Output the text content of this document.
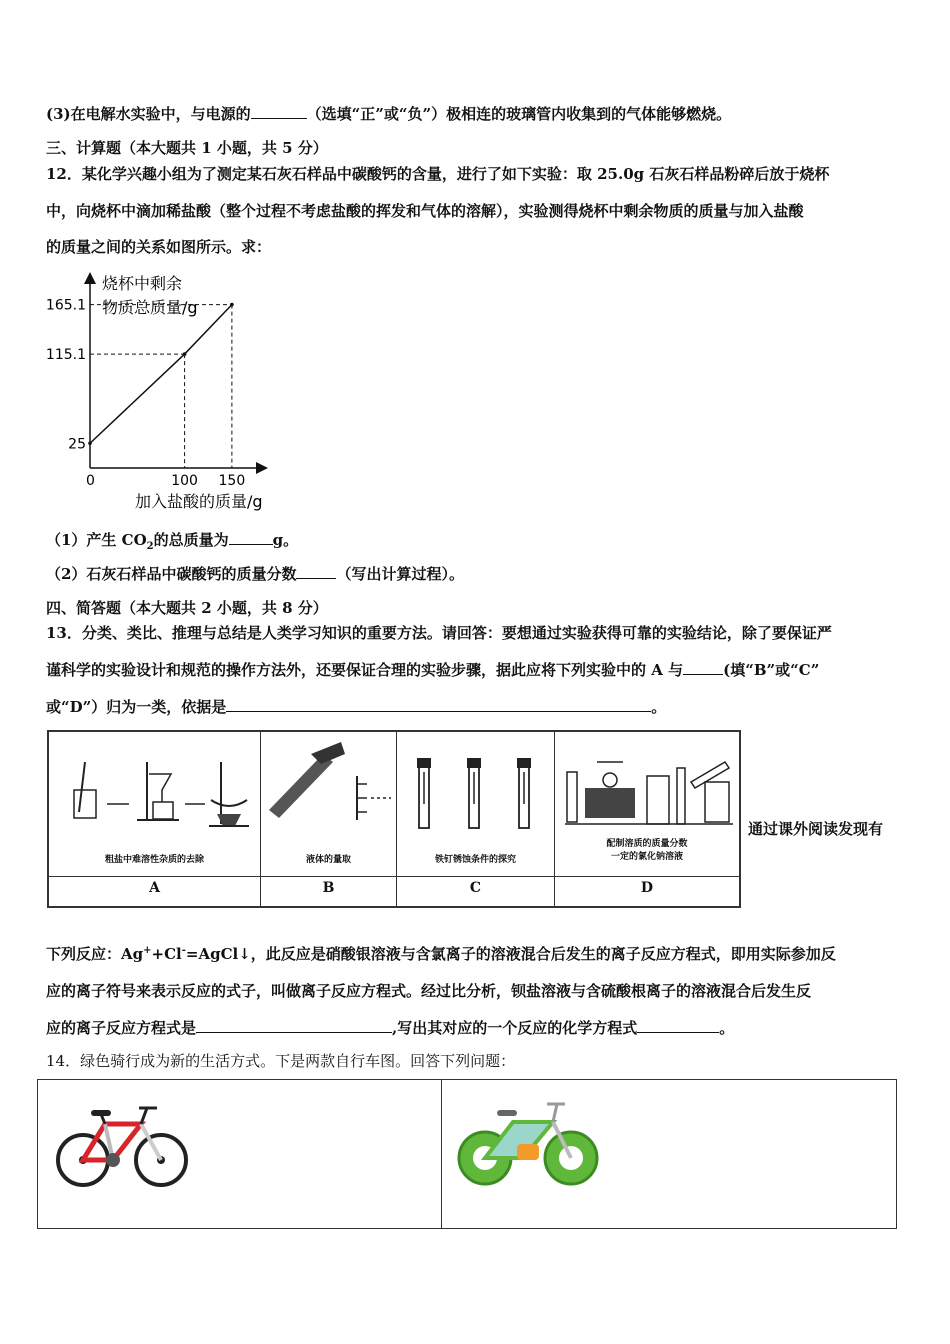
(3)在电解水实验中，与电源的	（选填“正”或“负”）极相连的玻璃管内收集到的气体能够燃烧。
三、计算题（本大题共 1 小题，共 5 分）
12．某化学兴趣小组为了测定某石灰石样品中碳酸钙的含量，进行了如下实验：取 25.0g 石灰石样品粉碎后放于烧杯
中，向烧杯中滴加稀盐酸（整个过程不考虑盐酸的挥发和气体的溶解），实验测得烧杯中剩余物质的质量与加入盐酸
的质量之间的关系如图所示。求：
烧杯中剩余
物质总质量/g
0
加入盐酸的质量/g
25
115.1
165.1
100 150
（1）产生 $CO_2$的总质量为	g。
（2）石灰石样品中碳酸钙的质量分数	（写出计算过程）。
四、简答题（本大题共 2 小题，共 8 分）
13．分类、类比、推理与总结是人类学习知识的重要方法。请回答：要想通过实验获得可靠的实验结论，除了要保证严
谨科学的实验设计和规范的操作方法外，还要保证合理的实验步骤，据此应将下列实验中的 A 与	(填“B”或“C”
或“D”）归为一类，依据是	。
粗盐中难溶性杂质的去除
A
液体的量取
B
铁钉锈蚀条件的探究
C
配制溶质的质量分数
一定的氯化钠溶液
D
通过课外阅读发现有
下列反应：Ag++Cl-=AgCl↓，此反应是硝酸银溶液与含氯离子的溶液混合后发生的离子反应方程式，即用实际参加反
应的离子符号来表示反应的式子，叫做离子反应方程式。经过比分析，钡盐溶液与含硫酸根离子的溶液混合后发生反
应的离子反应方程式是	,写出其对应的一个反应的化学方程式	。
14．绿色骑行成为新的生活方式。下是两款自行车图。回答下列问题：
